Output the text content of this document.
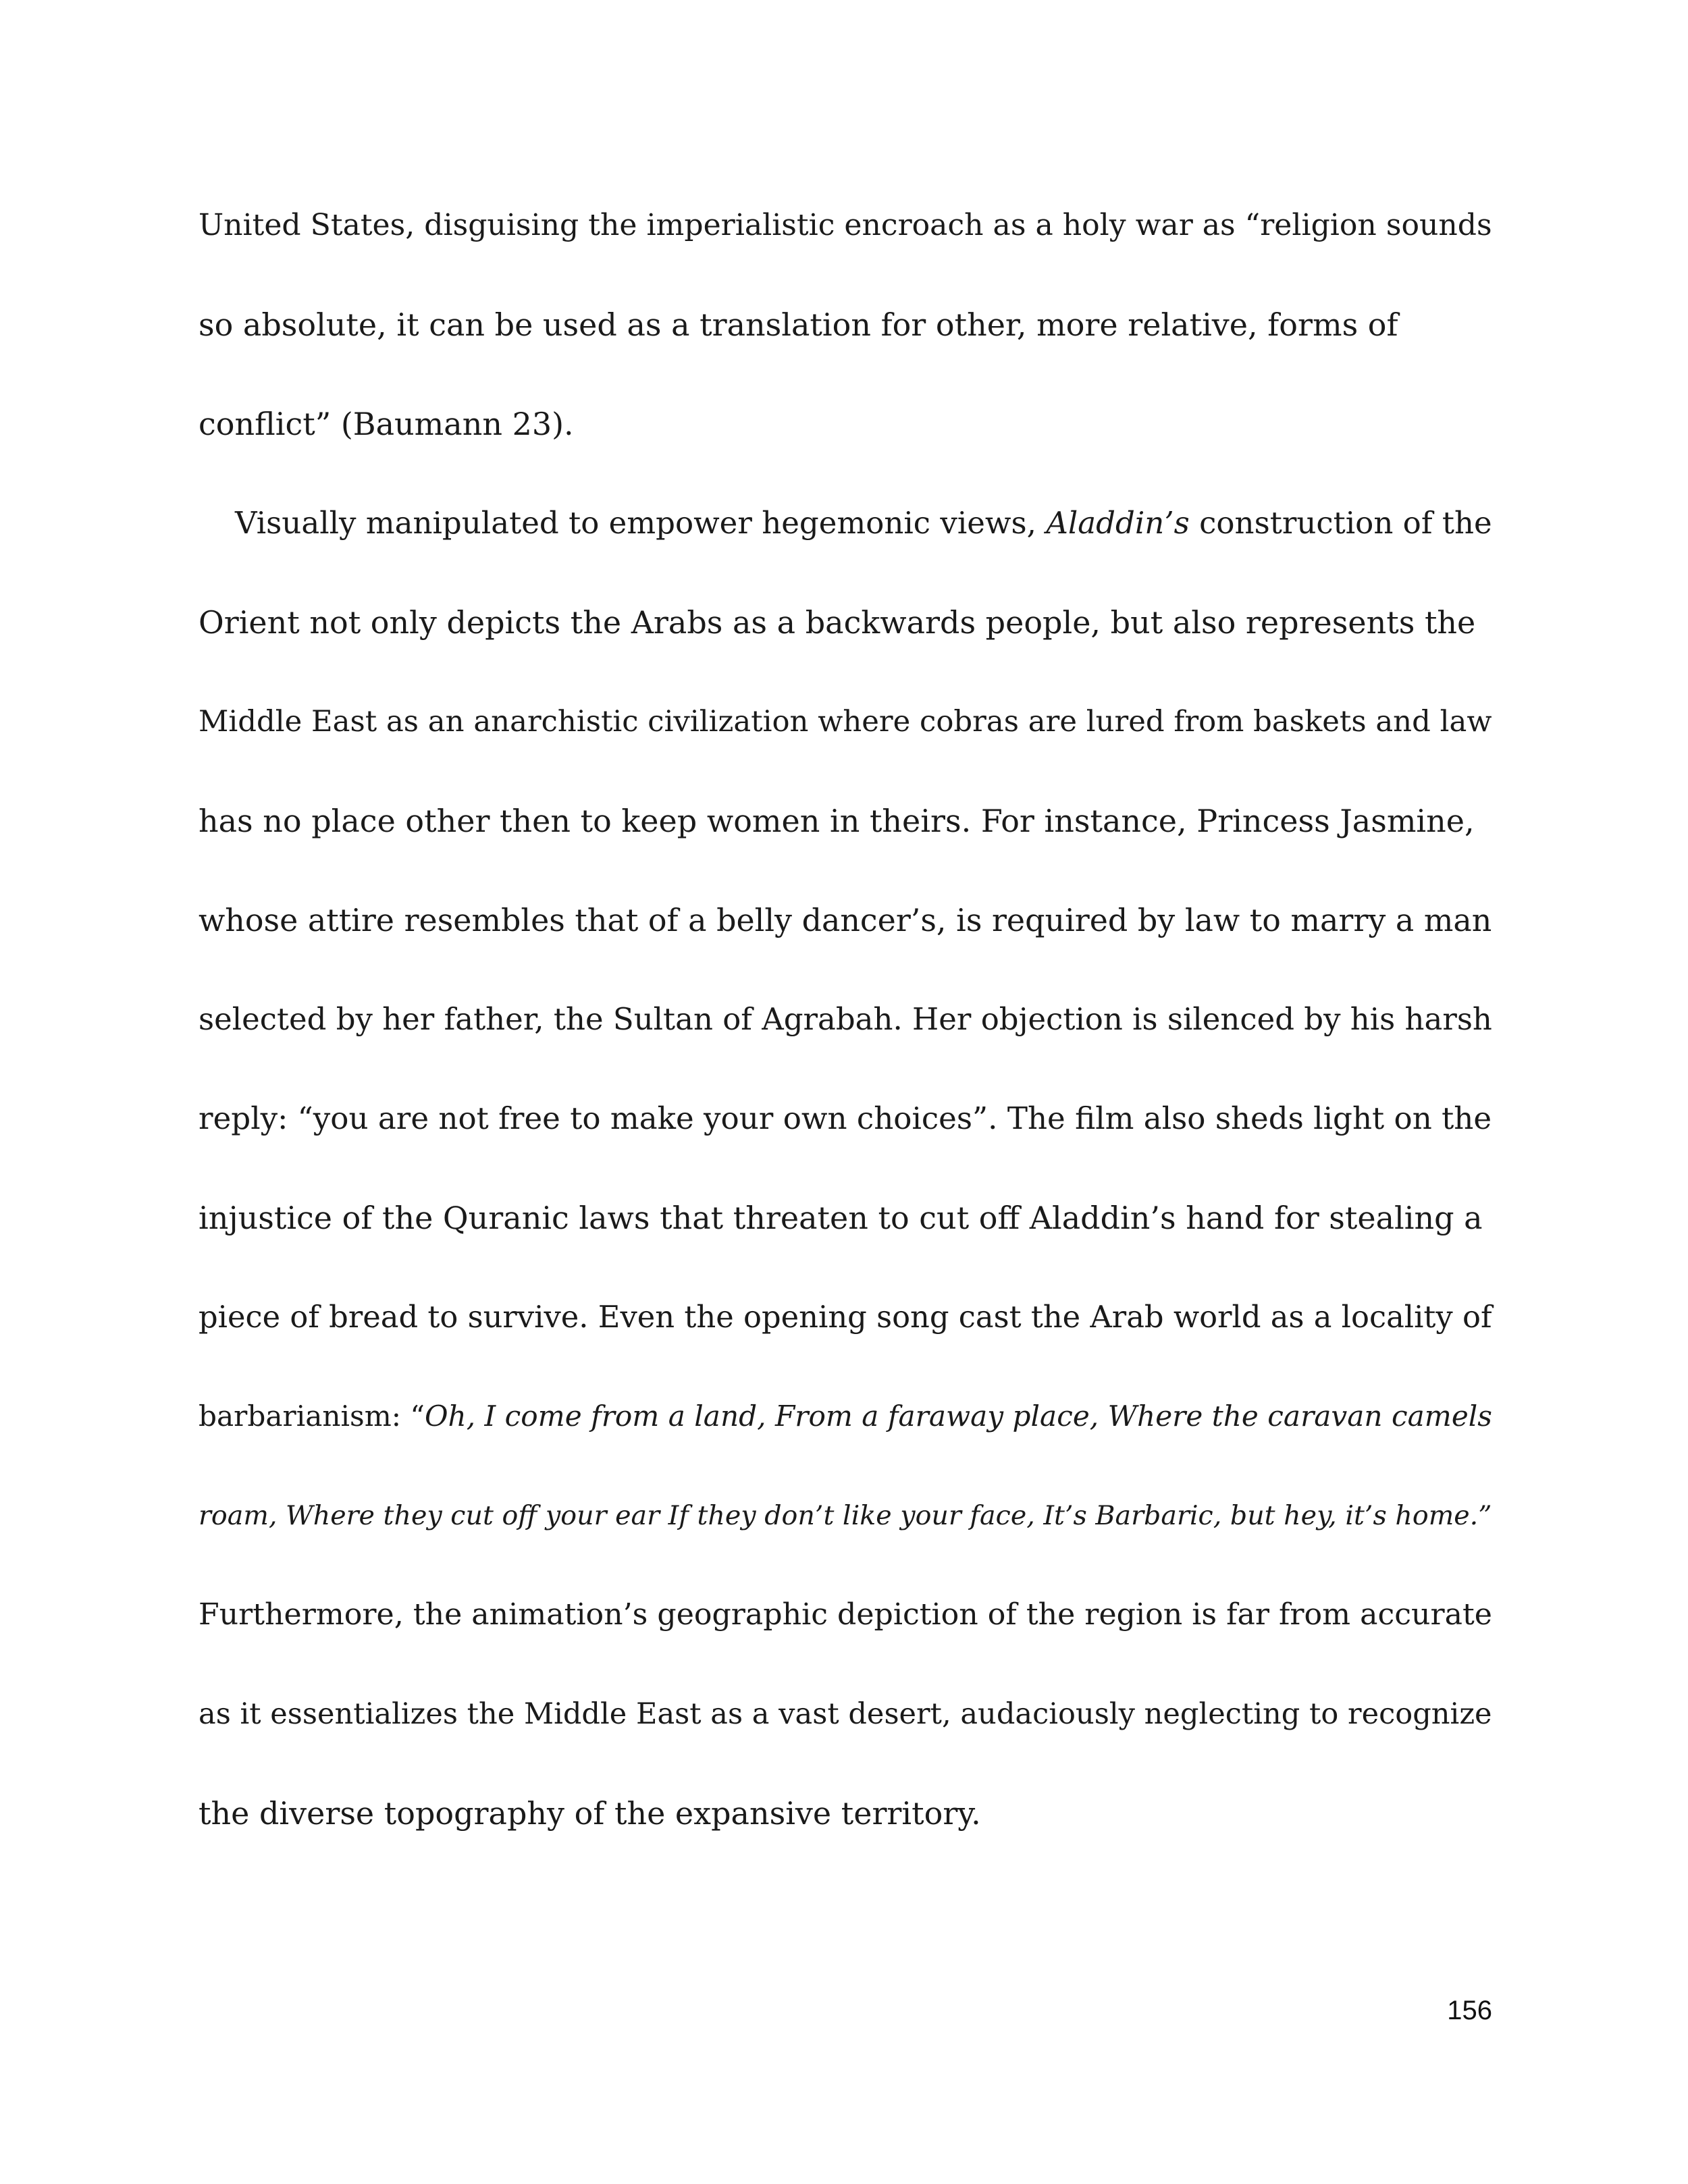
United States, disguising the imperialistic encroach as a holy war as “religion sounds
so absolute, it can be used as a translation for other, more relative, forms of
conflict” (Baumann 23).
Visually manipulated to empower hegemonic views, Aladdin’s construction of the
Orient not only depicts the Arabs as a backwards people, but also represents the
Middle East as an anarchistic civilization where cobras are lured from baskets and law
has no place other then to keep women in theirs. For instance, Princess Jasmine,
whose attire resembles that of a belly dancer’s, is required by law to marry a man
selected by her father, the Sultan of Agrabah. Her objection is silenced by his harsh
reply: “you are not free to make your own choices”. The film also sheds light on the
injustice of the Quranic laws that threaten to cut off Aladdin’s hand for stealing a
piece of bread to survive. Even the opening song cast the Arab world as a locality of
barbarianism: “Oh, I come from a land, From a faraway place, Where the caravan camels
roam, Where they cut off your ear If they don’t like your face, It’s Barbaric, but hey, it’s home.”
Furthermore, the animation’s geographic depiction of the region is far from accurate
as it essentializes the Middle East as a vast desert, audaciously neglecting to recognize
the diverse topography of the expansive territory.
156
